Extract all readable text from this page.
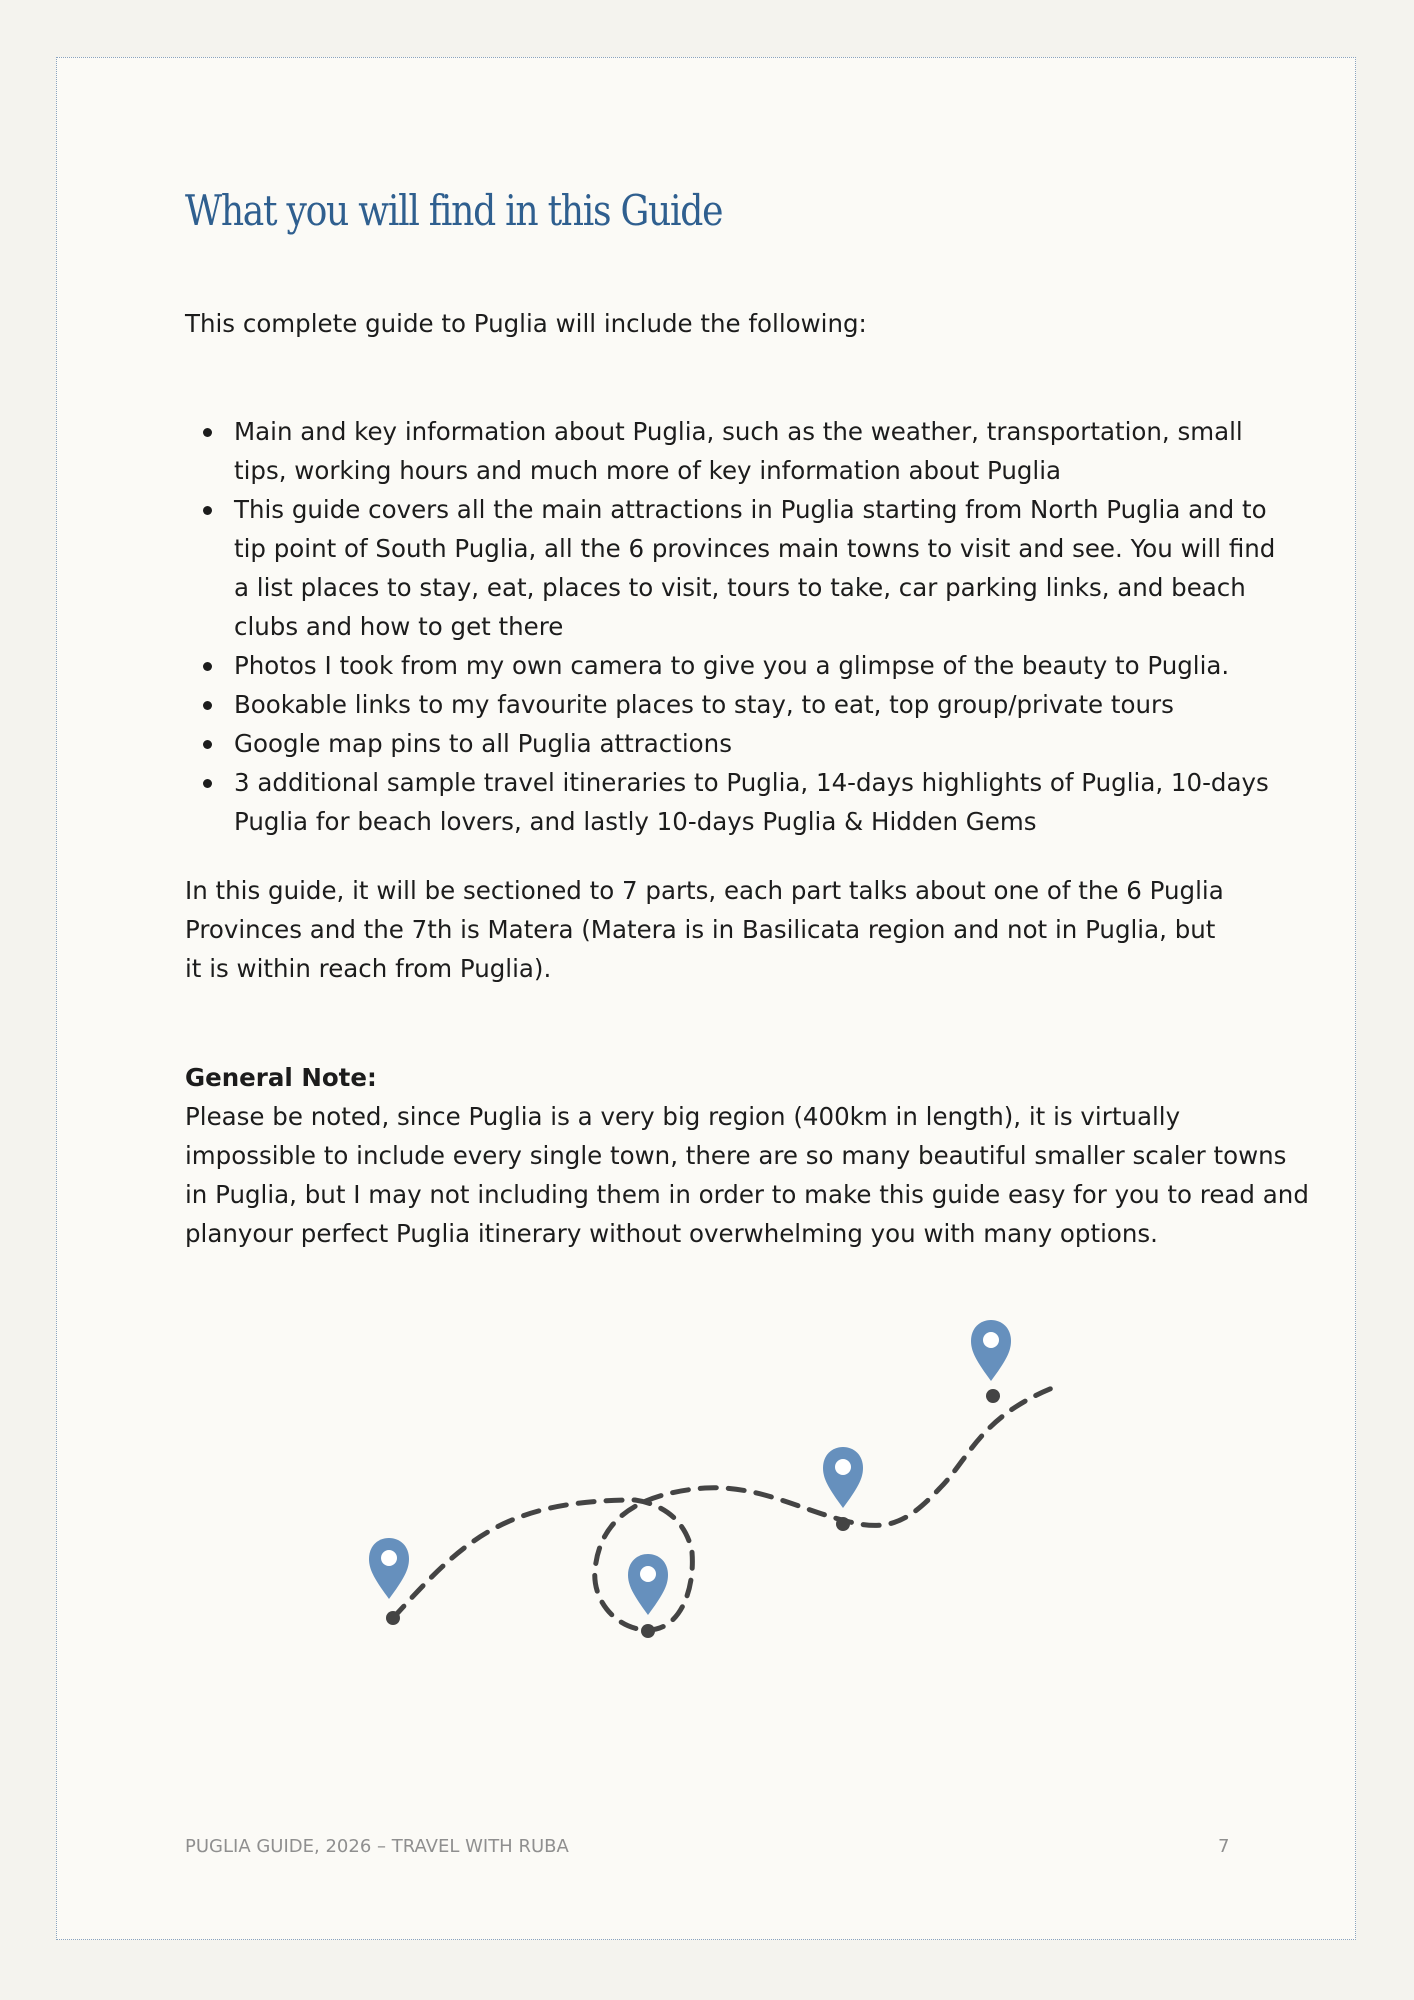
What you will find in this Guide

This complete guide to Puglia will include the following:

Main and key information about Puglia, such as the weather, transportation, small
tips, working hours and much more of key information about Puglia
This guide covers all the main attractions in Puglia starting from North Puglia and to
tip point of South Puglia, all the 6 provinces main towns to visit and see. You will find
a list places to stay, eat, places to visit, tours to take, car parking links, and beach
clubs and how to get there
Photos I took from my own camera to give you a glimpse of the beauty to Puglia.
Bookable links to my favourite places to stay, to eat, top group/private tours
Google map pins to all Puglia attractions
3 additional sample travel itineraries to Puglia, 14-days highlights of Puglia, 10-days
Puglia for beach lovers, and lastly 10-days Puglia & Hidden Gems

In this guide, it will be sectioned to 7 parts, each part talks about one of the 6 Puglia
Provinces and the 7th is Matera (Matera is in Basilicata region and not in Puglia, but
it is within reach from Puglia).

General Note:

Please be noted, since Puglia is a very big region (400km in length), it is virtually
impossible to include every single town, there are so many beautiful smaller scaler towns
in Puglia, but I may not including them in order to make this guide easy for you to read and
planyour perfect Puglia itinerary without overwhelming you with many options.

PUGLIA GUIDE, 2026 – TRAVEL WITH RUBA	7
